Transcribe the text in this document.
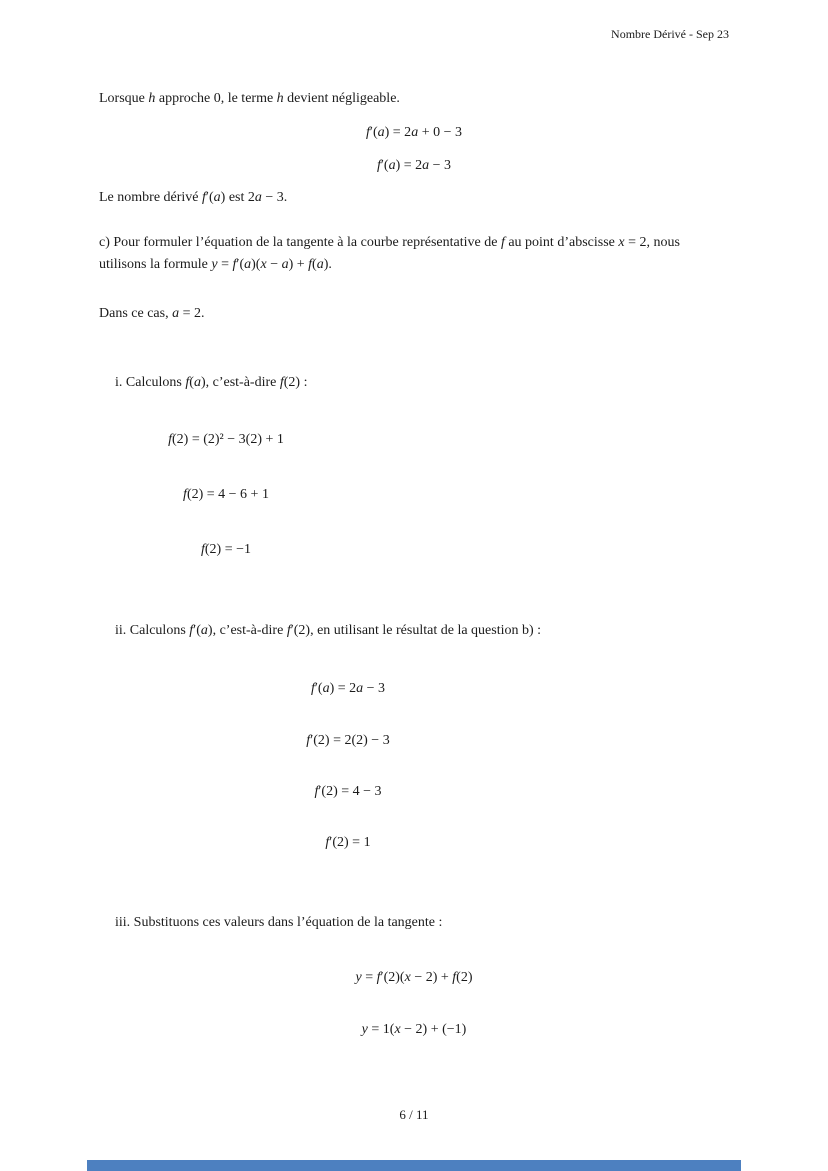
Nombre Dérivé - Sep 23

Lorsque h approche 0, le terme h devient négligeable.

f′(a) = 2a + 0 − 3
f′(a) = 2a − 3

Le nombre dérivé f′(a) est 2a − 3.

c) Pour formuler l’équation de la tangente à la courbe représentative de f au point d’abscisse x = 2, nous utilisons la formule y = f′(a)(x − a) + f(a).

Dans ce cas, a = 2.

i. Calculons f(a), c’est-à-dire f(2) :

f(2) = (2)² − 3(2) + 1
f(2) = 4 − 6 + 1
f(2) = −1

ii. Calculons f′(a), c’est-à-dire f′(2), en utilisant le résultat de la question b) :

f′(a) = 2a − 3
f′(2) = 2(2) − 3
f′(2) = 4 − 3
f′(2) = 1

iii. Substituons ces valeurs dans l’équation de la tangente :

y = f′(2)(x − 2) + f(2)
y = 1(x − 2) + (−1)
6 / 11
